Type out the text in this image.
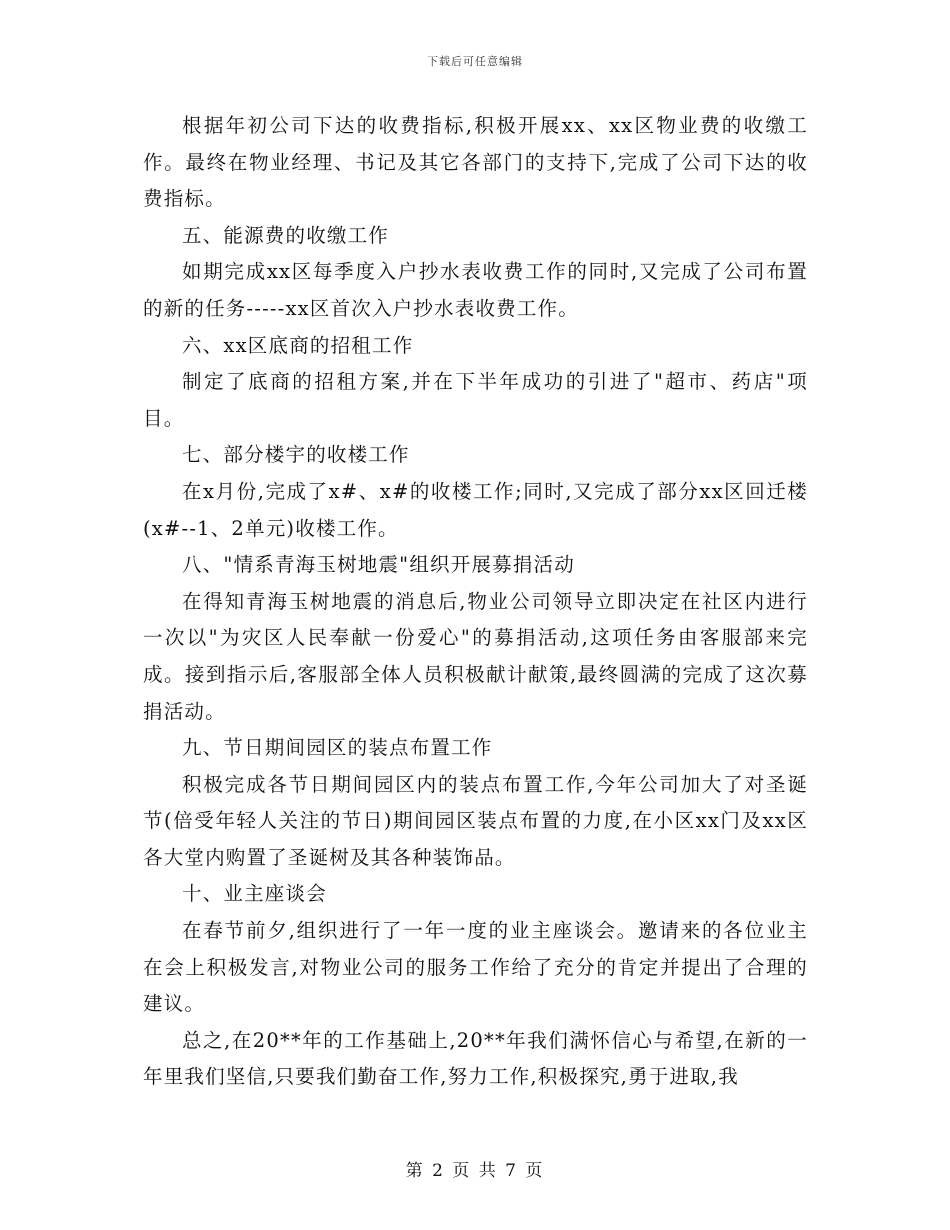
下载后可任意编辑

根据年初公司下达的收费指标,积极开展xx、xx区物业费的收缴工作。最终在物业经理、书记及其它各部门的支持下,完成了公司下达的收费指标。

五、能源费的收缴工作

如期完成xx区每季度入户抄水表收费工作的同时,又完成了公司布置的新的任务-----xx区首次入户抄水表收费工作。

六、xx区底商的招租工作

制定了底商的招租方案,并在下半年成功的引进了"超市、药店"项目。

七、部分楼宇的收楼工作

在x月份,完成了x#、x#的收楼工作;同时,又完成了部分xx区回迁楼(x#--1、2单元)收楼工作。

八、"情系青海玉树地震"组织开展募捐活动

在得知青海玉树地震的消息后,物业公司领导立即决定在社区内进行一次以"为灾区人民奉献一份爱心"的募捐活动,这项任务由客服部来完成。接到指示后,客服部全体人员积极献计献策,最终圆满的完成了这次募捐活动。

九、节日期间园区的装点布置工作

积极完成各节日期间园区内的装点布置工作,今年公司加大了对圣诞节(倍受年轻人关注的节日)期间园区装点布置的力度,在小区xx门及xx区各大堂内购置了圣诞树及其各种装饰品。

十、业主座谈会

在春节前夕,组织进行了一年一度的业主座谈会。邀请来的各位业主在会上积极发言,对物业公司的服务工作给了充分的肯定并提出了合理的建议。

总之,在20**年的工作基础上,20**年我们满怀信心与希望,在新的一年里我们坚信,只要我们勤奋工作,努力工作,积极探究,勇于进取,我

第 2 页 共 7 页
